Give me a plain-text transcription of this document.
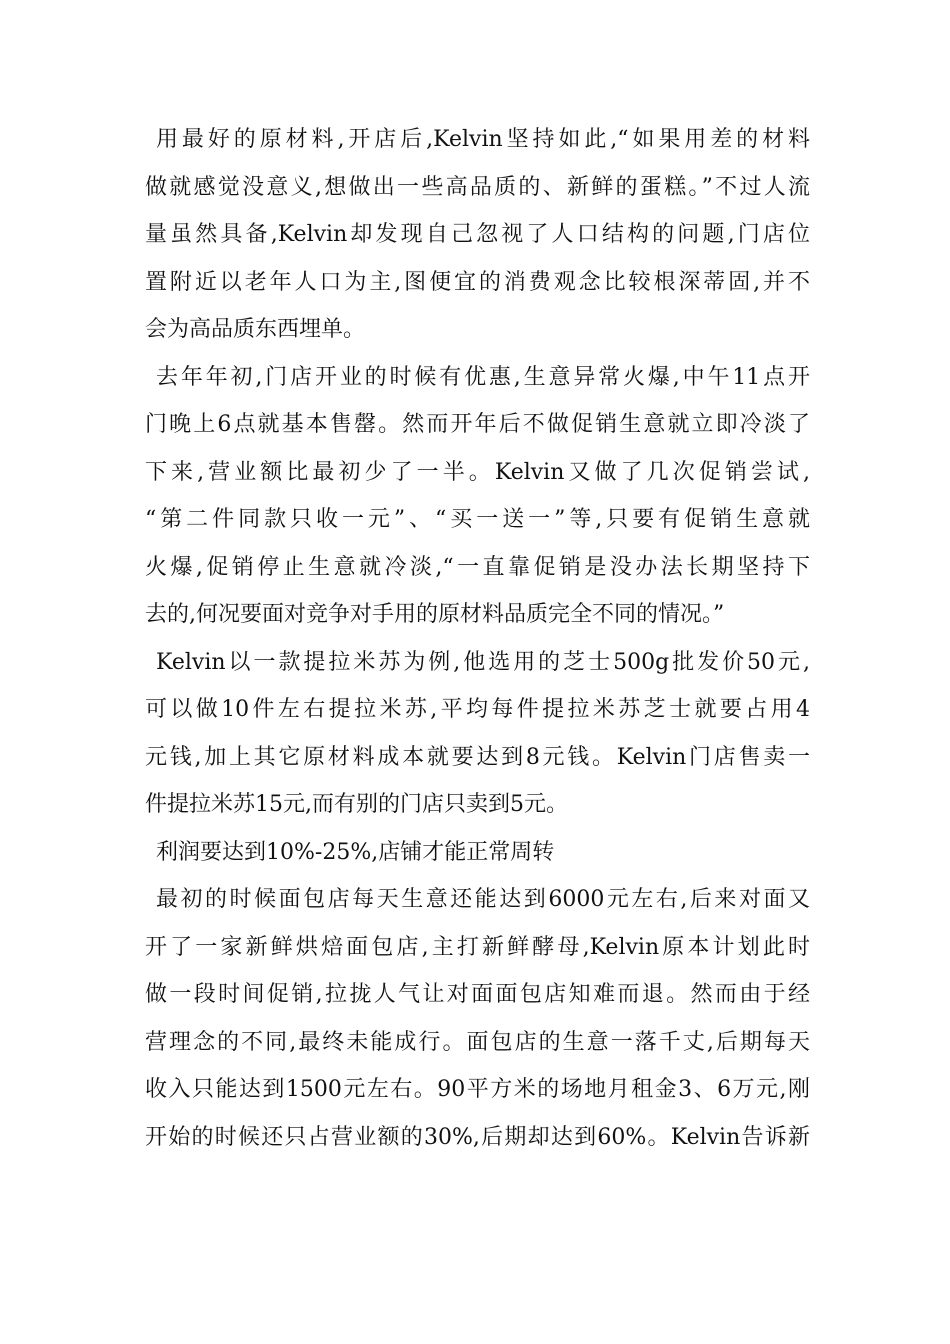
用最好的原材料,开店后,Kelvin坚持如此,“如果用差的材料
做就感觉没意义,想做出一些高品质的、新鲜的蛋糕。”不过人流
量虽然具备,Kelvin却发现自己忽视了人口结构的问题,门店位
置附近以老年人口为主,图便宜的消费观念比较根深蒂固,并不
会为高品质东西埋单。
去年年初,门店开业的时候有优惠,生意异常火爆,中午11点开
门晚上6点就基本售罄。然而开年后不做促销生意就立即冷淡了
下来,营业额比最初少了一半。Kelvin又做了几次促销尝试,
“第二件同款只收一元”、“买一送一”等,只要有促销生意就
火爆,促销停止生意就冷淡,“一直靠促销是没办法长期坚持下
去的,何况要面对竞争对手用的原材料品质完全不同的情况。”
Kelvin以一款提拉米苏为例,他选用的芝士500g批发价50元,
可以做10件左右提拉米苏,平均每件提拉米苏芝士就要占用4
元钱,加上其它原材料成本就要达到8元钱。Kelvin门店售卖一
件提拉米苏15元,而有别的门店只卖到5元。
利润要达到10%-25%,店铺才能正常周转
最初的时候面包店每天生意还能达到6000元左右,后来对面又
开了一家新鲜烘焙面包店,主打新鲜酵母,Kelvin原本计划此时
做一段时间促销,拉拢人气让对面面包店知难而退。然而由于经
营理念的不同,最终未能成行。面包店的生意一落千丈,后期每天
收入只能达到1500元左右。90平方米的场地月租金3、6万元,刚
开始的时候还只占营业额的30%,后期却达到60%。Kelvin告诉新
